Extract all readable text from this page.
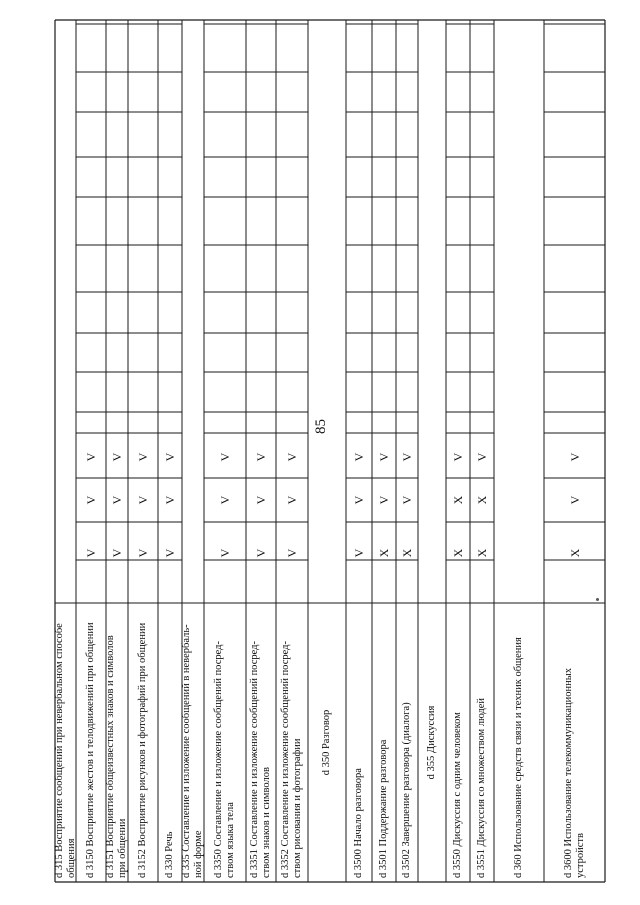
85
d 315 Восприятие сообщений при невербальном способе общения d 3150 Восприятие жестов и телодвижений при общении d 3151 Восприятие общеизвестных знаков и символов при общении d 3152 Восприятие рисунков и фотографий при общении d 330 Речь d 335 Составление и изложение сообщений в невербаль- ной форме d 3350 Составление и изложение сообщений посред- ством языка тела d 3351 Составление и изложение сообщений посред- ством знаков и символов d 3352 Составление и изложение сообщений посред- ством рисования и фотографии d 350 Разговор
d 3500 Начало разговора d 3501 Поддержание разговора d 3502 Завершение разговора (диалога) d 355 Дискуссия d 3550 Дискуссия с одним человеком d 3551 Дискуссия со множеством людей d 360 Использование средств связи и техник общения	d 3600 Использование телекоммуникационных устройств
V
V
V
V
V
V
V
V
V
V
V
V
V
V
V
V
V
V
V
V
V
V
V
V
X
V
V
X
V
V
X
X
V
X
X
V
X
V
V
